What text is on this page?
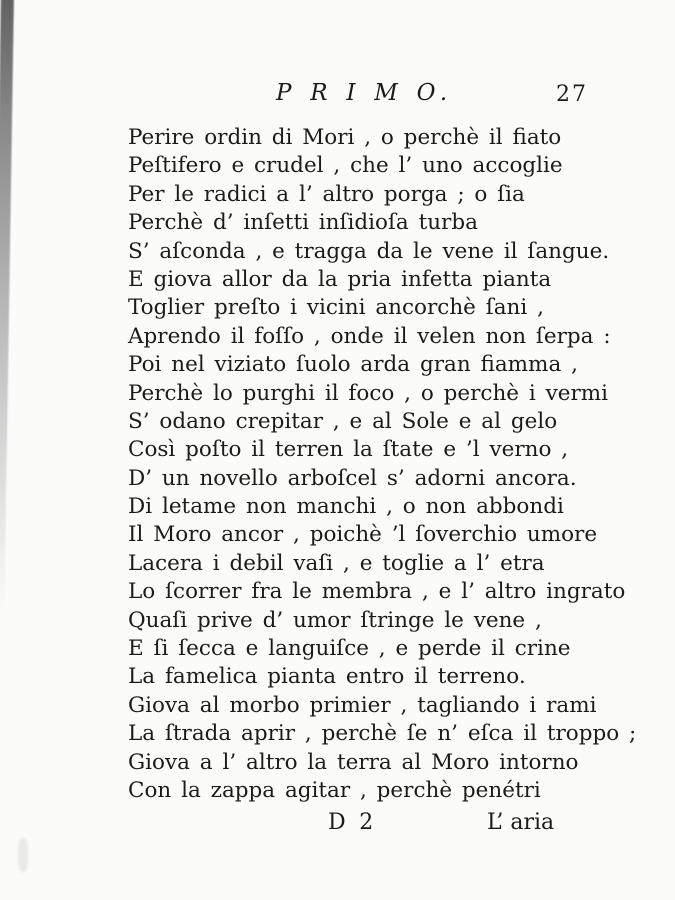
P R I M O.	27
Perire ordin di Mori , o perchè il fiato
Peſtifero e crudel , che l’ uno accoglie
Per le radici a l’ altro porga ; o ſia
Perchè d’ inſetti inſidioſa turba
S’ aſconda , e tragga da le vene il ſangue.
E giova allor da la pria infetta pianta
Toglier preſto i vicini ancorchè ſani ,
Aprendo il foſſo , onde il velen non ſerpa :
Poi nel viziato ſuolo arda gran fiamma ,
Perchè lo purghi il foco , o perchè i vermi
S’ odano crepitar , e al Sole e al gelo
Così poſto il terren la ſtate e ’l verno ,
D’ un novello arboſcel s’ adorni ancora.
Di letame non manchi , o non abbondi
Il Moro ancor , poichè ’l ſoverchio umore
Lacera i debil vaſi , e toglie a l’ etra
Lo ſcorrer fra le membra , e l’ altro ingrato
Quaſi prive d’ umor ſtringe le vene ,
E ſi ſecca e languiſce , e perde il crine
La famelica pianta entro il terreno.
Giova al morbo primier , tagliando i rami
La ſtrada aprir , perchè ſe n’ eſca il troppo ;
Giova a l’ altro la terra al Moro intorno
Con la zappa agitar , perchè penétri
D 2	L’ aria
